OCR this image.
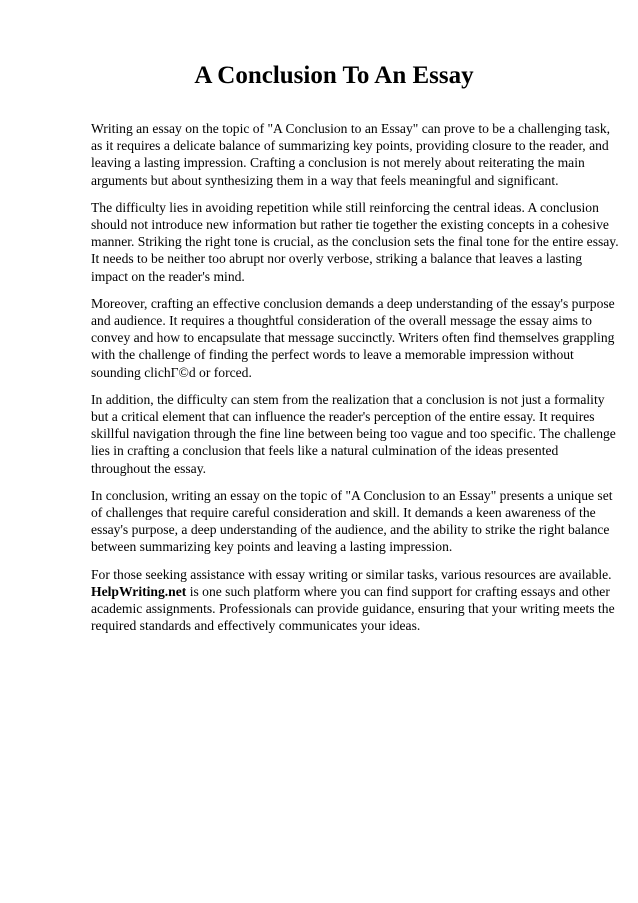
A Conclusion To An Essay

Writing an essay on the topic of "A Conclusion to an Essay" can prove to be a challenging task,
as it requires a delicate balance of summarizing key points, providing closure to the reader, and
leaving a lasting impression. Crafting a conclusion is not merely about reiterating the main
arguments but about synthesizing them in a way that feels meaningful and significant.

The difficulty lies in avoiding repetition while still reinforcing the central ideas. A conclusion
should not introduce new information but rather tie together the existing concepts in a cohesive
manner. Striking the right tone is crucial, as the conclusion sets the final tone for the entire essay.
It needs to be neither too abrupt nor overly verbose, striking a balance that leaves a lasting
impact on the reader's mind.

Moreover, crafting an effective conclusion demands a deep understanding of the essay's purpose
and audience. It requires a thoughtful consideration of the overall message the essay aims to
convey and how to encapsulate that message succinctly. Writers often find themselves grappling
with the challenge of finding the perfect words to leave a memorable impression without
sounding clichΓ©d or forced.

In addition, the difficulty can stem from the realization that a conclusion is not just a formality
but a critical element that can influence the reader's perception of the entire essay. It requires
skillful navigation through the fine line between being too vague and too specific. The challenge
lies in crafting a conclusion that feels like a natural culmination of the ideas presented
throughout the essay.

In conclusion, writing an essay on the topic of "A Conclusion to an Essay" presents a unique set
of challenges that require careful consideration and skill. It demands a keen awareness of the
essay's purpose, a deep understanding of the audience, and the ability to strike the right balance
between summarizing key points and leaving a lasting impression.

For those seeking assistance with essay writing or similar tasks, various resources are available.
HelpWriting.net is one such platform where you can find support for crafting essays and other
academic assignments. Professionals can provide guidance, ensuring that your writing meets the
required standards and effectively communicates your ideas.
